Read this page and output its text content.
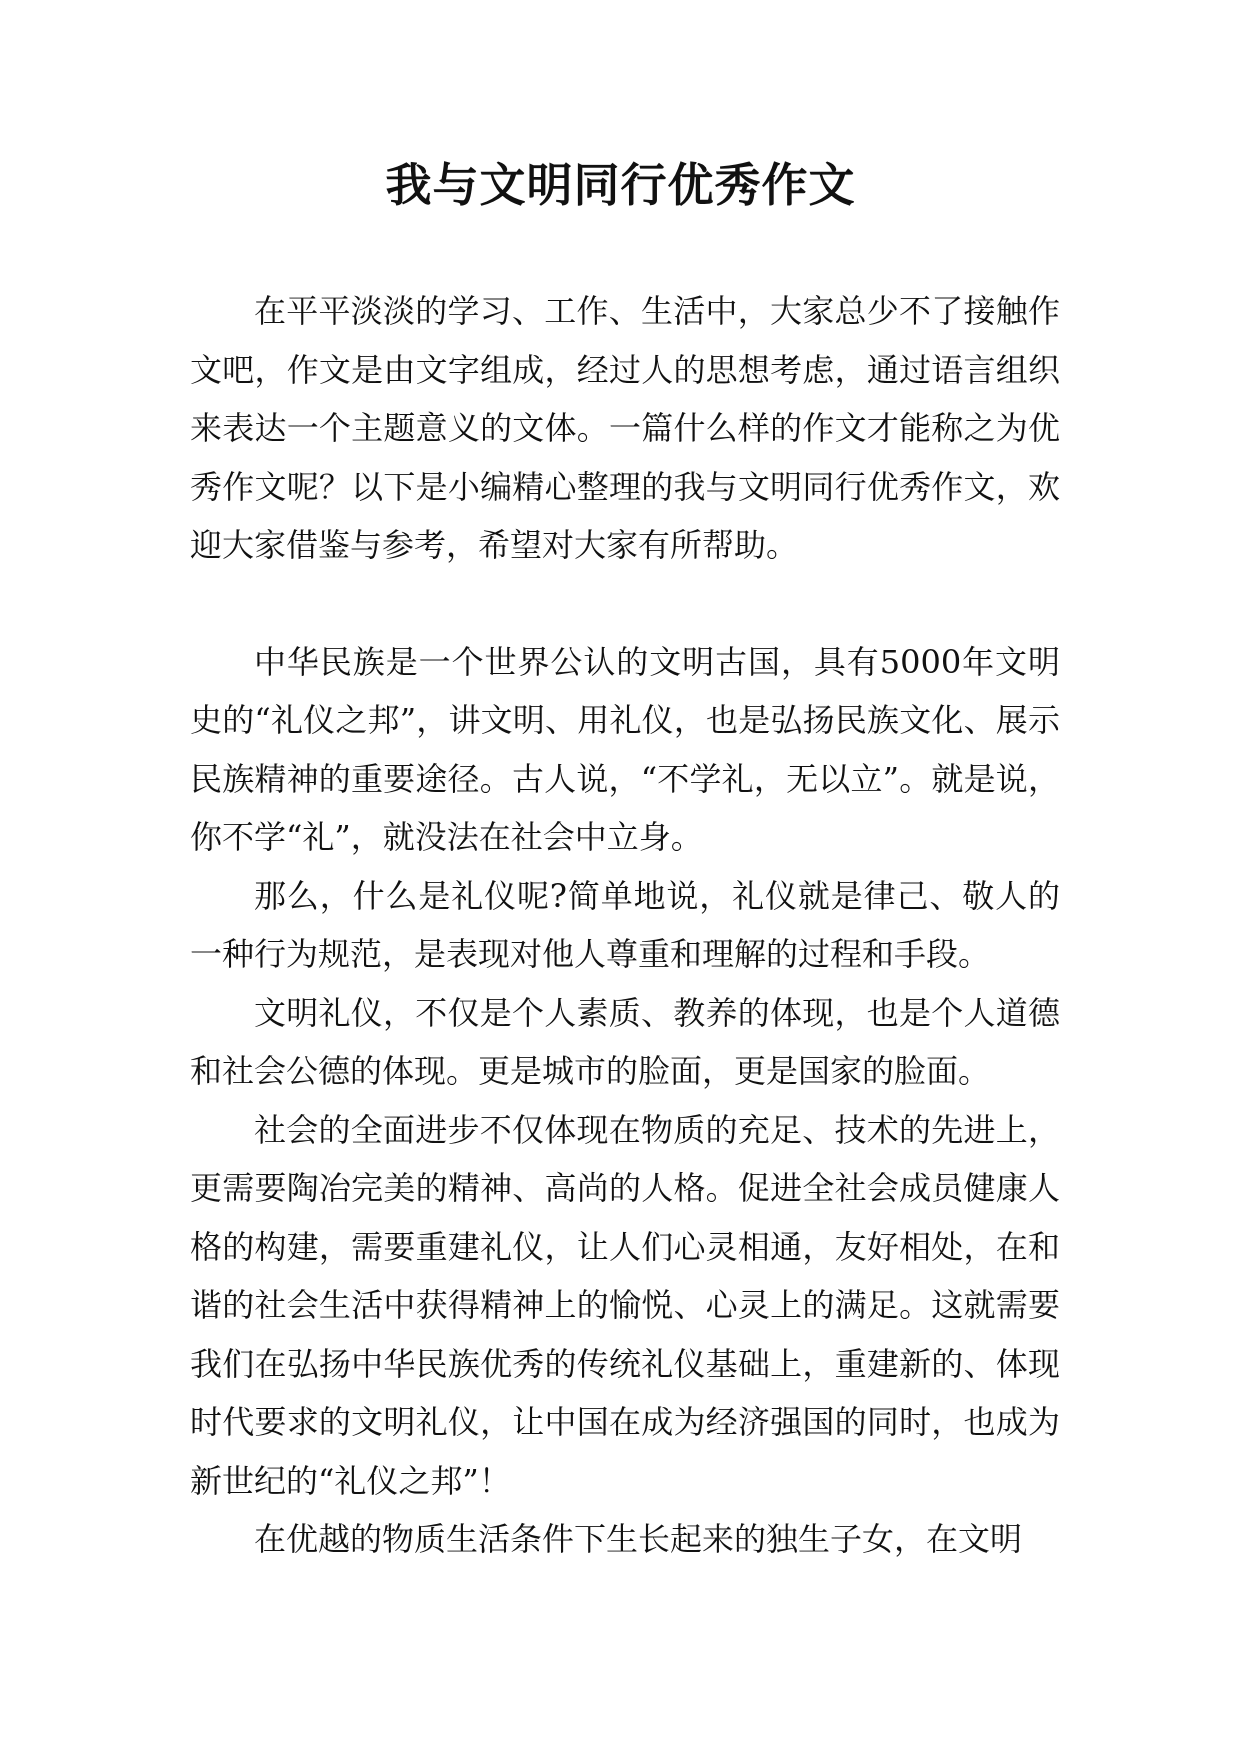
我与文明同行优秀作文

在平平淡淡的学习、工作、生活中，大家总少不了接触作文吧，作文是由文字组成，经过人的思想考虑，通过语言组织来表达一个主题意义的文体。一篇什么样的作文才能称之为优秀作文呢？以下是小编精心整理的我与文明同行优秀作文，欢迎大家借鉴与参考，希望对大家有所帮助。

中华民族是一个世界公认的文明古国，具有5000年文明史的“礼仪之邦”，讲文明、用礼仪，也是弘扬民族文化、展示民族精神的重要途径。古人说，“不学礼，无以立”。就是说，你不学“礼”，就没法在社会中立身。

那么，什么是礼仪呢?简单地说，礼仪就是律己、敬人的一种行为规范，是表现对他人尊重和理解的过程和手段。

文明礼仪，不仅是个人素质、教养的体现，也是个人道德和社会公德的体现。更是城市的脸面，更是国家的脸面。

社会的全面进步不仅体现在物质的充足、技术的先进上，更需要陶冶完美的精神、高尚的人格。促进全社会成员健康人格的构建，需要重建礼仪，让人们心灵相通，友好相处，在和谐的社会生活中获得精神上的愉悦、心灵上的满足。这就需要我们在弘扬中华民族优秀的传统礼仪基础上，重建新的、体现时代要求的文明礼仪，让中国在成为经济强国的同时，也成为新世纪的“礼仪之邦”！

在优越的物质生活条件下生长起来的独生子女，在文明
